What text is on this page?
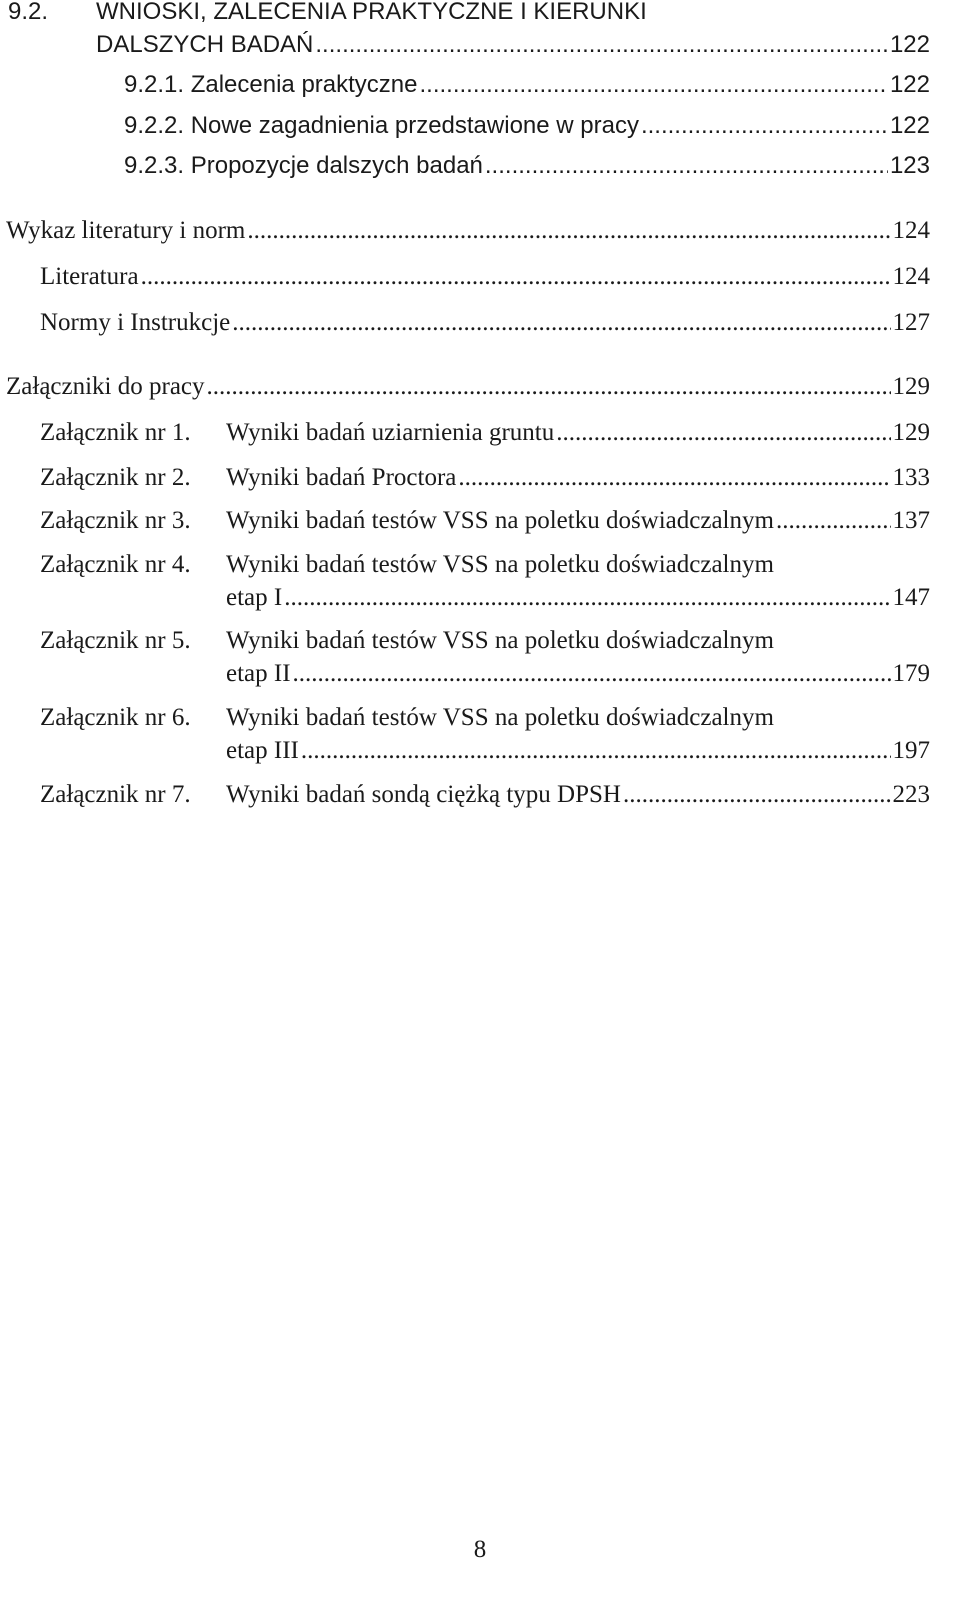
9.2. WNIOSKI, ZALECENIA PRAKTYCZNE I KIERUNKI
DALSZYCH BADAŃ .....	122
9.2.1. Zalecenia praktyczne .....	122
9.2.2. Nowe zagadnienia przedstawione w pracy .....	122
9.2.3. Propozycje dalszych badań .....	123
Wykaz literatury i norm .....	124
Literatura .....	124
Normy i Instrukcje .....	127
Załączniki do pracy .....	129
Załącznik nr 1. Wyniki badań uziarnienia gruntu .....	129
Załącznik nr 2. Wyniki badań Proctora .....	133
Załącznik nr 3. Wyniki badań testów VSS na poletku doświadczalnym .....	137
Załącznik nr 4. Wyniki badań testów VSS na poletku doświadczalnym
etap I .....	147
Załącznik nr 5. Wyniki badań testów VSS na poletku doświadczalnym
etap II .....	179
Załącznik nr 6. Wyniki badań testów VSS na poletku doświadczalnym
etap III .....	197
Załącznik nr 7. Wyniki badań sondą ciężką typu DPSH .....	223
8
